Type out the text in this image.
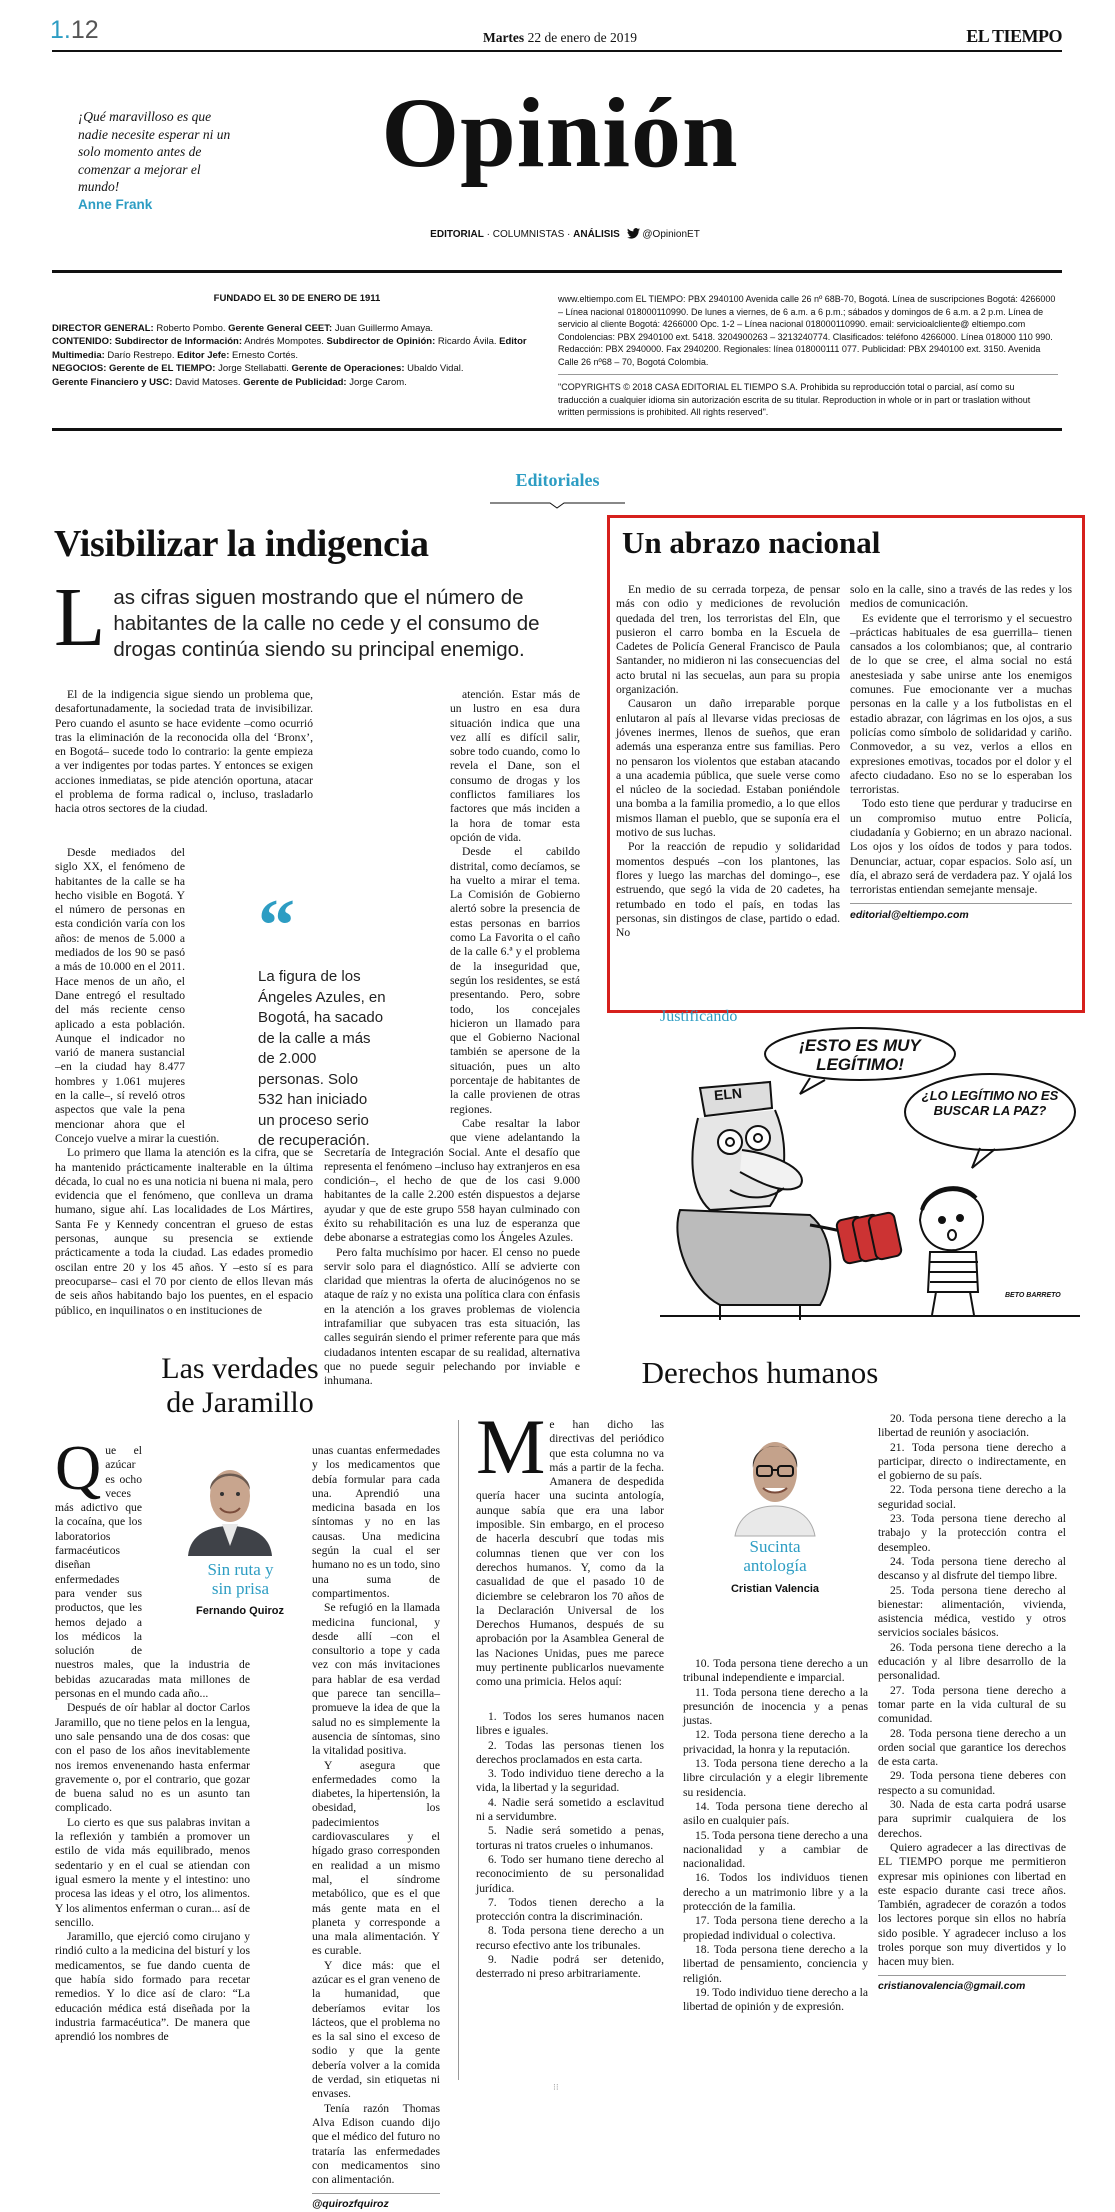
1.12	Martes 22 de enero de 2019	EL TIEMPO
¡Qué maravilloso es que nadie necesite esperar ni un solo momento antes de comenzar a mejorar el mundo!
Anne Frank
Opinión
EDITORIAL · COLUMNISTAS · ANÁLISIS @OpinionET
FUNDADO EL 30 DE ENERO DE 1911
DIRECTOR GENERAL: Roberto Pombo. Gerente General CEET: Juan Guillermo Amaya.
CONTENIDO: Subdirector de Información: Andrés Mompotes. Subdirector de Opinión: Ricardo Ávila. Editor Multimedia: Darío Restrepo. Editor Jefe: Ernesto Cortés.
NEGOCIOS: Gerente de EL TIEMPO: Jorge Stellabatti. Gerente de Operaciones: Ubaldo Vidal.
Gerente Financiero y USC: David Matoses. Gerente de Publicidad: Jorge Carom.
www.eltiempo.com EL TIEMPO: PBX 2940100 Avenida calle 26 nº 68B-70, Bogotá. Línea de suscripciones Bogotá: 4266000 – Línea nacional 018000110990. De lunes a viernes, de 6 a.m. a 6 p.m.; sábados y domingos de 6 a.m. a 2 p.m. Línea de servicio al cliente Bogotá: 4266000 Opc. 1-2 – Línea nacional 018000110990. email: servicioalcliente@ eltiempo.com Condolencias: PBX 2940100 ext. 5418. 3204900263 – 3213240774. Clasificados: teléfono 4266000. Línea 018000 110 990. Redacción: PBX 2940000. Fax 2940200. Regionales: línea 018000111 077. Publicidad: PBX 2940100 ext. 3150. Avenida Calle 26 nº68 – 70, Bogotá Colombia.
"COPYRIGHTS © 2018 CASA EDITORIAL EL TIEMPO S.A. Prohibida su reproducción total o parcial, así como su traducción a cualquier idioma sin autorización escrita de su titular. Reproduction in whole or in part or traslation without written permissions is prohibited. All rights reserved".
Editoriales
Visibilizar la indigencia
L as cifras siguen mostrando que el número de habitantes de la calle no cede y el consumo de drogas continúa siendo su principal enemigo.

El de la indigencia sigue siendo un problema que, desafortunadamente, la sociedad trata de invisibilizar. Pero cuando el asunto se hace evidente –como ocurrió tras la eliminación de la reconocida olla del ‘Bronx’, en Bogotá– sucede todo lo contrario: la gente empieza a ver indigentes por todas partes. Y entonces se exigen acciones inmediatas, se pide atención oportuna, atacar el problema de forma radical o, incluso, trasladarlo hacia otros sectores de la ciudad.

Desde mediados del siglo XX, el fenómeno de habitantes de la calle se ha hecho visible en Bogotá. Y el número de personas en esta condición varía con los años: de menos de 5.000 a mediados de los 90 se pasó a más de 10.000 en el 2011. Hace menos de un año, el Dane entregó el resultado del más reciente censo aplicado a esta población. Aunque el indicador no varió de manera sustancial –en la ciudad hay 8.477 hombres y 1.061 mujeres en la calle–, sí reveló otros aspectos que vale la pena mencionar ahora que el Concejo vuelve a mirar la cuestión.

Lo primero que llama la atención es la cifra, que se ha mantenido prácticamente inalterable en la última década, lo cual no es una noticia ni buena ni mala, pero evidencia que el fenómeno, que conlleva un drama humano, sigue ahí. Las localidades de Los Mártires, Santa Fe y Kennedy concentran el grueso de estas personas, aunque su presencia se extiende prácticamente a toda la ciudad. Las edades promedio oscilan entre 20 y los 45 años. Y –esto sí es para preocuparse– casi el 70 por ciento de ellos llevan más de seis años habitando bajo los puentes, en el espacio público, en inquilinatos o en instituciones de

atención. Estar más de un lustro en esa dura situación indica que una vez allí es difícil salir, sobre todo cuando, como lo revela el Dane, son el consumo de drogas y los conflictos familiares los factores que más inciden a la hora de tomar esta opción de vida.

Desde el cabildo distrital, como decíamos, se ha vuelto a mirar el tema. La Comisión de Gobierno alertó sobre la presencia de estas personas en barrios como La Favorita o el caño de la calle 6.ª y el problema de la inseguridad que, según los residentes, se está presentando. Pero, sobre todo, los concejales hicieron un llamado para que el Gobierno Nacional también se apersone de la situación, pues un alto porcentaje de habitantes de la calle provienen de otras regiones.

Cabe resaltar la labor que viene adelantando la Secretaría de Integración Social. Ante el desafío que representa el fenómeno –incluso hay extranjeros en esa condición–, el hecho de que de los casi 9.000 habitantes de la calle 2.200 estén dispuestos a dejarse ayudar y que de este grupo 558 hayan culminado con éxito su rehabilitación es una luz de esperanza que debe abonarse a estrategias como los Ángeles Azules.

Pero falta muchísimo por hacer. El censo no puede servir solo para el diagnóstico. Allí se advierte con claridad que mientras la oferta de alucinógenos no se ataque de raíz y no exista una política clara con énfasis en la atención a los graves problemas de violencia intrafamiliar que subyacen tras esta situación, las calles seguirán siendo el primer referente para que más ciudadanos intenten escapar de su realidad, alternativa que no puede seguir pelechando por inviable e inhumana.

“
La figura de los Ángeles Azules, en Bogotá, ha sacado de la calle a más de 2.000 personas. Solo 532 han iniciado un proceso serio de recuperación.
Un abrazo nacional

En medio de su cerrada torpeza, de pensar más con odio y mediciones de revolución quedada del tren, los terroristas del Eln, que pusieron el carro bomba en la Escuela de Cadetes de Policía General Francisco de Paula Santander, no midieron ni las consecuencias del acto brutal ni las secuelas, aun para su propia organización.

Causaron un daño irreparable porque enlutaron al país al llevarse vidas preciosas de jóvenes inermes, llenos de sueños, que eran además una esperanza entre sus familias. Pero no pensaron los violentos que estaban atacando a una academia pública, que suele verse como el núcleo de la sociedad. Estaban poniéndole una bomba a la familia promedio, a lo que ellos mismos llaman el pueblo, que se suponía era el motivo de sus luchas.

Por la reacción de repudio y solidaridad momentos después –con los plantones, las flores y luego las marchas del domingo–, ese estruendo, que segó la vida de 20 cadetes, ha retumbado en todo el país, en todas las personas, sin distingos de clase, partido o edad. No

solo en la calle, sino a través de las redes y los medios de comunicación.

Es evidente que el terrorismo y el secuestro –prácticas habituales de esa guerrilla– tienen cansados a los colombianos; que, al contrario de lo que se cree, el alma social no está anestesiada y sabe unirse ante los enemigos comunes. Fue emocionante ver a muchas personas en la calle y a los futbolistas en el estadio abrazar, con lágrimas en los ojos, a sus policías como símbolo de solidaridad y cariño. Conmovedor, a su vez, verlos a ellos en expresiones emotivas, tocados por el dolor y el afecto ciudadano. Eso no se lo esperaban los terroristas.

Todo esto tiene que perdurar y traducirse en un compromiso mutuo entre Policía, ciudadanía y Gobierno; en un abrazo nacional. Los ojos y los oídos de todos y para todos. Denunciar, actuar, copar espacios. Solo así, un día, el abrazo será de verdadera paz. Y ojalá los terroristas entiendan semejante mensaje.

editorial@eltiempo.com
Justificando
¡ESTO ES MUY LEGÍTIMO!
¿LO LEGÍTIMO NO ES BUSCAR LA PAZ?
ELN
BETO BARRETO
Las verdades
de Jaramillo
Q ue el azúcar es ocho veces más adictivo que la cocaína, que los laboratorios farmacéuticos diseñan enfermedades para vender sus productos, que les hemos dejado a los médicos la solución de nuestros males, que la industria de bebidas azucaradas mata millones de personas en el mundo cada año...

Después de oír hablar al doctor Carlos Jaramillo, que no tiene pelos en la lengua, uno sale pensando una de dos cosas: que con el paso de los años inevitablemente nos iremos envenenando hasta enfermar gravemente o, por el contrario, que gozar de buena salud no es un asunto tan complicado.

Lo cierto es que sus palabras invitan a la reflexión y también a promover un estilo de vida más equilibrado, menos sedentario y en el cual se atiendan con igual esmero la mente y el intestino: uno procesa las ideas y el otro, los alimentos. Y los alimentos enferman o curan... así de sencillo.

Jaramillo, que ejerció como cirujano y rindió culto a la medicina del bisturí y los medicamentos, se fue dando cuenta de que había sido formado para recetar remedios. Y lo dice así de claro: “La educación médica está diseñada por la industria farmacéutica”. De manera que aprendió los nombres de

Sin ruta y
sin prisa
Fernando Quiroz

unas cuantas enfermedades y los medicamentos que debía formular para cada una. Aprendió una medicina basada en los síntomas y no en las causas. Una medicina según la cual el ser humano no es un todo, sino una suma de compartimentos.

Se refugió en la llamada medicina funcional, y desde allí –con el consultorio a tope y cada vez con más invitaciones para hablar de esa verdad que parece tan sencilla– promueve la idea de que la salud no es simplemente la ausencia de síntomas, sino la vitalidad positiva.

Y asegura que enfermedades como la diabetes, la hipertensión, la obesidad, los padecimientos cardiovasculares y el hígado graso corresponden en realidad a un mismo mal, el síndrome metabólico, que es el que más gente mata en el planeta y corresponde a una mala alimentación. Y es curable.

Y dice más: que el azúcar es el gran veneno de la humanidad, que deberíamos evitar los lácteos, que el problema no es la sal sino el exceso de sodio y que la gente debería volver a la comida de verdad, sin etiquetas ni envases.

Tenía razón Thomas Alva Edison cuando dijo que el médico del futuro no trataría las enfermedades con medicamentos sino con alimentación.

@quirozfquiroz
Derechos humanos
M e han dicho las directivas del periódico que esta columna no va más a partir de la fecha. Amanera de despedida quería hacer una sucinta antología, aunque sabía que era una labor imposible. Sin embargo, en el proceso de hacerla descubrí que todas mis columnas tienen que ver con los derechos humanos. Y, como da la casualidad de que el pasado 10 de diciembre se celebraron los 70 años de la Declaración Universal de los Derechos Humanos, después de su aprobación por la Asamblea General de las Naciones Unidas, pues me parece muy pertinente publicarlos nuevamente como una primicia. Helos aquí:

1. Todos los seres humanos nacen libres e iguales.

2. Todas las personas tienen los derechos proclamados en esta carta.

3. Todo individuo tiene derecho a la vida, la libertad y la seguridad.

4. Nadie será sometido a esclavitud ni a servidumbre.

5. Nadie será sometido a penas, torturas ni tratos crueles o inhumanos.

6. Todo ser humano tiene derecho al reconocimiento de su personalidad jurídica.

7. Todos tienen derecho a la protección contra la discriminación.

8. Toda persona tiene derecho a un recurso efectivo ante los tribunales.

9. Nadie podrá ser detenido, desterrado ni preso arbitrariamente.

Sucinta
antología
Cristian Valencia

10. Toda persona tiene derecho a un tribunal independiente e imparcial.

11. Toda persona tiene derecho a la presunción de inocencia y a penas justas.

12. Toda persona tiene derecho a la privacidad, la honra y la reputación.

13. Toda persona tiene derecho a la libre circulación y a elegir libremente su residencia.

14. Toda persona tiene derecho al asilo en cualquier país.

15. Toda persona tiene derecho a una nacionalidad y a cambiar de nacionalidad.

16. Todos los individuos tienen derecho a un matrimonio libre y a la protección de la familia.

17. Toda persona tiene derecho a la propiedad individual o colectiva.

18. Toda persona tiene derecho a la libertad de pensamiento, conciencia y religión.

19. Todo individuo tiene derecho a la libertad de opinión y de expresión.

20. Toda persona tiene derecho a la libertad de reunión y asociación.

21. Toda persona tiene derecho a participar, directo o indirectamente, en el gobierno de su país.

22. Toda persona tiene derecho a la seguridad social.

23. Toda persona tiene derecho al trabajo y la protección contra el desempleo.

24. Toda persona tiene derecho al descanso y al disfrute del tiempo libre.

25. Toda persona tiene derecho al bienestar: alimentación, vivienda, asistencia médica, vestido y otros servicios sociales básicos.

26. Toda persona tiene derecho a la educación y al libre desarrollo de la personalidad.

27. Toda persona tiene derecho a tomar parte en la vida cultural de su comunidad.

28. Toda persona tiene derecho a un orden social que garantice los derechos de esta carta.

29. Toda persona tiene deberes con respecto a su comunidad.

30. Nada de esta carta podrá usarse para suprimir cualquiera de los derechos.

Quiero agradecer a las directivas de EL TIEMPO porque me permitieron expresar mis opiniones con libertad en este espacio durante casi trece años. También, agradecer de corazón a todos los lectores porque sin ellos no habría sido posible. Y agradecer incluso a los troles porque son muy divertidos y lo hacen muy bien.

cristianovalencia@gmail.com
⁝⁝
